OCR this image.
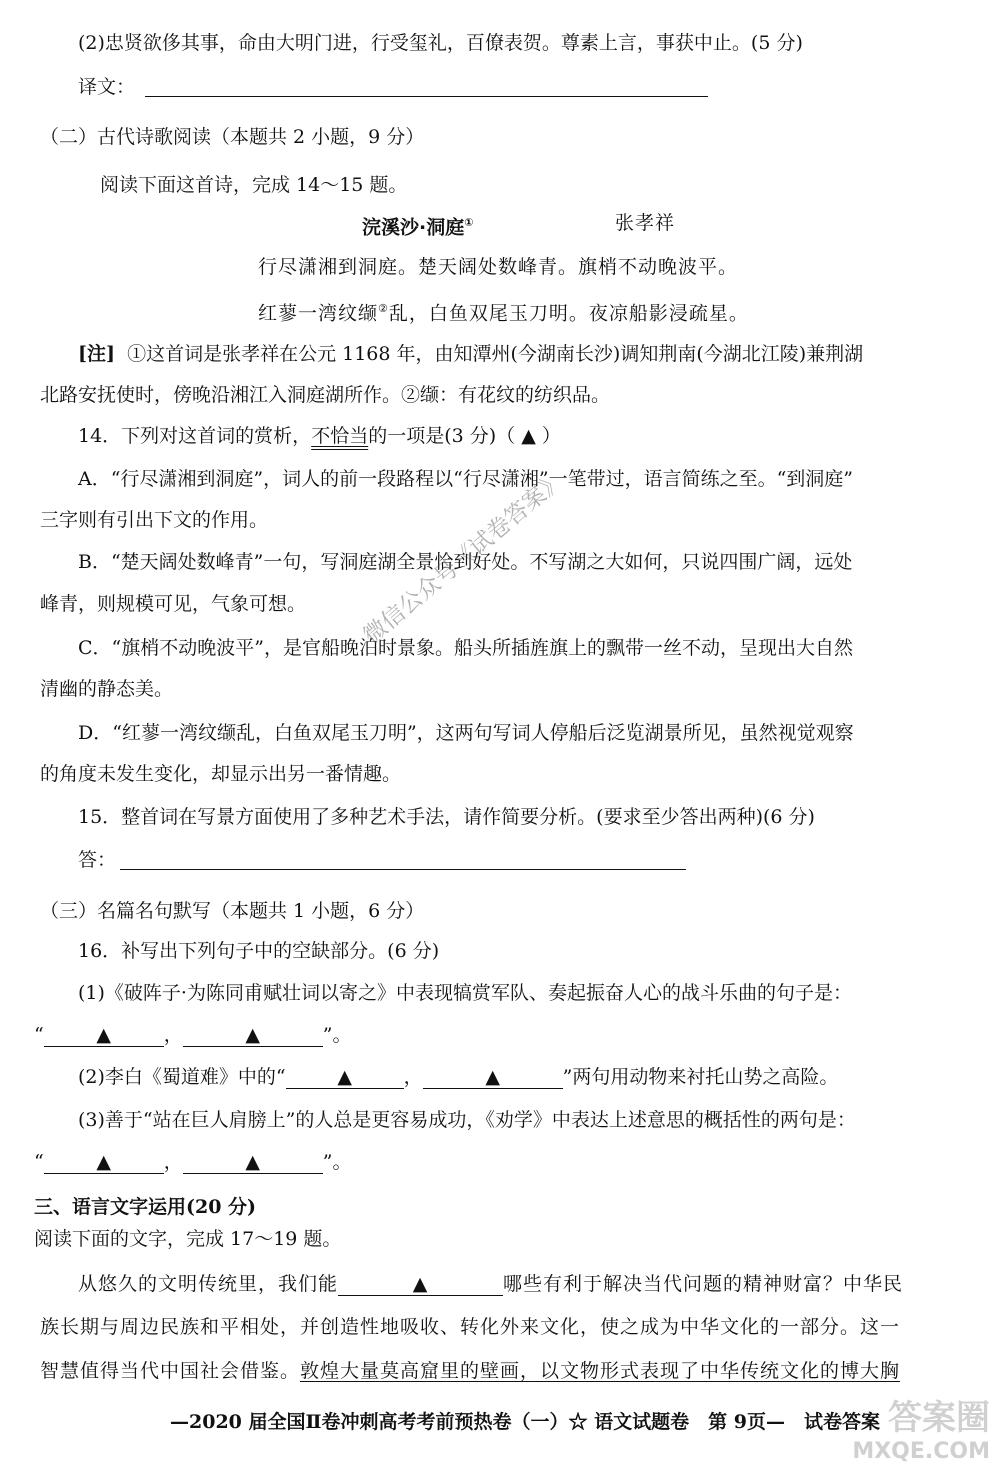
(2)忠贤欲侈其事，命由大明门进，行受玺礼，百僚表贺。尊素上言，事获中止。(5 分)
译文：
（二）古代诗歌阅读（本题共 2 小题，9 分）
阅读下面这首诗，完成 14～15 题。
浣溪沙·洞庭①	张孝祥
行尽潇湘到洞庭。楚天阔处数峰青。旗梢不动晚波平。
红蓼一湾纹缬②乱，白鱼双尾玉刀明。夜凉船影浸疏星。
[注] ①这首词是张孝祥在公元 1168 年，由知潭州(今湖南长沙)调知荆南(今湖北江陵)兼荆湖
北路安抚使时，傍晚沿湘江入洞庭湖所作。②缬：有花纹的纺织品。
14．下列对这首词的赏析，不恰当的一项是(3 分)（ ▲ ）
A．“行尽潇湘到洞庭”，词人的前一段路程以“行尽潇湘”一笔带过，语言简练之至。“到洞庭”
三字则有引出下文的作用。
B．“楚天阔处数峰青”一句，写洞庭湖全景恰到好处。不写湖之大如何，只说四围广阔，远处
峰青，则规模可见，气象可想。
C．“旗梢不动晚波平”，是官船晚泊时景象。船头所插旌旗上的飘带一丝不动，呈现出大自然
清幽的静态美。
D．“红蓼一湾纹缬乱，白鱼双尾玉刀明”，这两句写词人停船后泛览湖景所见，虽然视觉观察
的角度未发生变化，却显示出另一番情趣。
15．整首词在写景方面使用了多种艺术手法，请作简要分析。(要求至少答出两种)(6 分)
答：
（三）名篇名句默写（本题共 1 小题，6 分）
16．补写出下列句子中的空缺部分。(6 分)
(1)《破阵子·为陈同甫赋壮词以寄之》中表现犒赏军队、奏起振奋人心的战斗乐曲的句子是：
“	▲	，	▲	”。
(2)李白《蜀道难》中的“	▲	，	▲	”两句用动物来衬托山势之高险。
(3)善于“站在巨人肩膀上”的人总是更容易成功，《劝学》中表达上述意思的概括性的两句是：
“	▲	，	▲	”。
三、语言文字运用(20 分)
阅读下面的文字，完成 17～19 题。
从悠久的文明传统里，我们能	▲	哪些有利于解决当代问题的精神财富？中华民
族长期与周边民族和平相处，并创造性地吸收、转化外来文化，使之成为中华文化的一部分。这一
智慧值得当代中国社会借鉴。敦煌大量莫高窟里的壁画，以文物形式表现了中华传统文化的博大胸
—2020 届全国Ⅱ卷冲刺高考考前预热卷（一）☆ 语文试题卷　第 9页—　试卷答案
微信公众号《试卷答案》
答案圈
MXQE.COM
